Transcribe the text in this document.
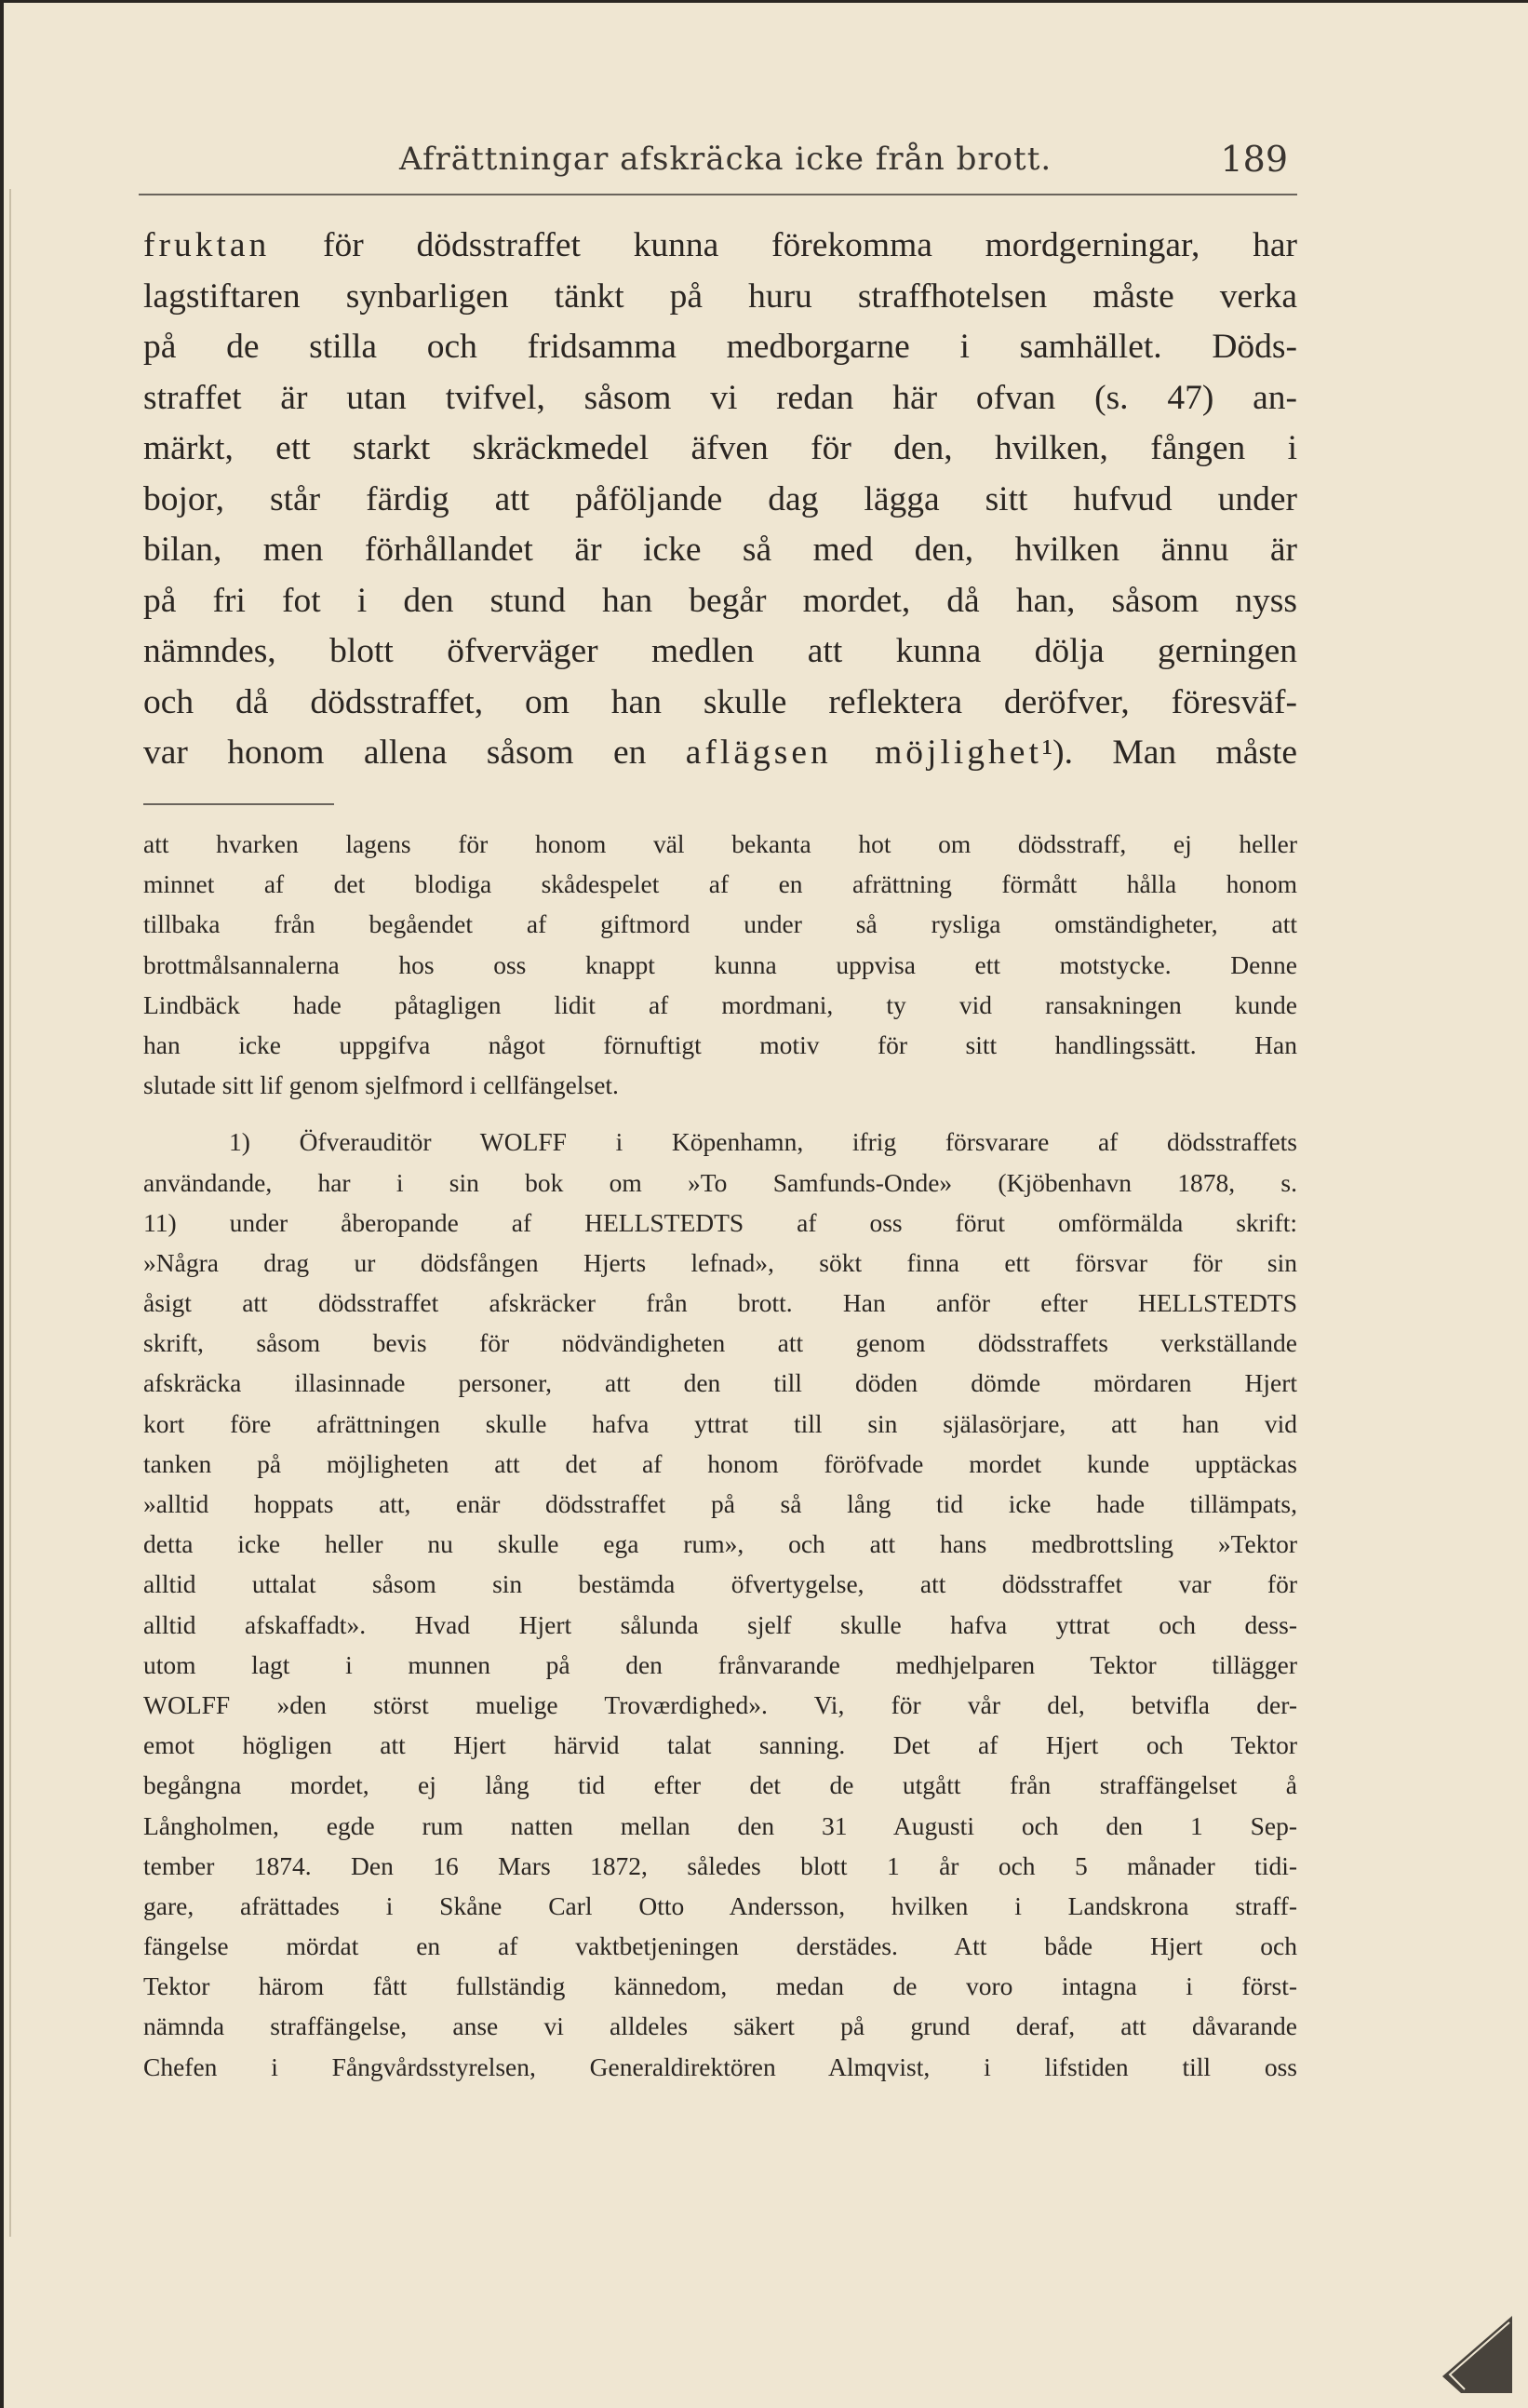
Afrättningar afskräcka icke från brott.	189
fruktan för dödsstraffet kunna förekomma mordgerningar, har
lagstiftaren synbarligen tänkt på huru straffhotelsen måste verka
på de stilla och fridsamma medborgarne i samhället. Döds-
straffet är utan tvifvel, såsom vi redan här ofvan (s. 47) an-
märkt, ett starkt skräckmedel äfven för den, hvilken, fången i
bojor, står färdig att påföljande dag lägga sitt hufvud under
bilan, men förhållandet är icke så med den, hvilken ännu är
på fri fot i den stund han begår mordet, då han, såsom nyss
nämndes, blott öfverväger medlen att kunna dölja gerningen
och då dödsstraffet, om han skulle reflektera deröfver, föresväf-
var honom allena såsom en aflägsen möjlighet¹). Man måste
att hvarken lagens för honom väl bekanta hot om dödsstraff, ej heller
minnet af det blodiga skådespelet af en afrättning förmått hålla honom
tillbaka från begåendet af giftmord under så rysliga omständigheter, att
brottmålsannalerna hos oss knappt kunna uppvisa ett motstycke. Denne
Lindbäck hade påtagligen lidit af mordmani, ty vid ransakningen kunde
han icke uppgifva något förnuftigt motiv för sitt handlingssätt. Han
slutade sitt lif genom sjelfmord i cellfängelset.
1) Öfverauditör WOLFF i Köpenhamn, ifrig försvarare af dödsstraffets
användande, har i sin bok om »To Samfunds-Onde» (Kjöbenhavn 1878, s.
11) under åberopande af HELLSTEDTS af oss förut omförmälda skrift:
»Några drag ur dödsfången Hjerts lefnad», sökt finna ett försvar för sin
åsigt att dödsstraffet afskräcker från brott. Han anför efter HELLSTEDTS
skrift, såsom bevis för nödvändigheten att genom dödsstraffets verkställande
afskräcka illasinnade personer, att den till döden dömde mördaren Hjert
kort före afrättningen skulle hafva yttrat till sin själasörjare, att han vid
tanken på möjligheten att det af honom föröfvade mordet kunde upptäckas
»alltid hoppats att, enär dödsstraffet på så lång tid icke hade tillämpats,
detta icke heller nu skulle ega rum», och att hans medbrottsling »Tektor
alltid uttalat såsom sin bestämda öfvertygelse, att dödsstraffet var för
alltid afskaffadt». Hvad Hjert sålunda sjelf skulle hafva yttrat och dess-
utom lagt i munnen på den frånvarande medhjelparen Tektor tillägger
WOLFF »den störst muelige Troværdighed». Vi, för vår del, betvifla der-
emot högligen att Hjert härvid talat sanning. Det af Hjert och Tektor
begångna mordet, ej lång tid efter det de utgått från straffängelset å
Långholmen, egde rum natten mellan den 31 Augusti och den 1 Sep-
tember 1874. Den 16 Mars 1872, således blott 1 år och 5 månader tidi-
gare, afrättades i Skåne Carl Otto Andersson, hvilken i Landskrona straff-
fängelse mördat en af vaktbetjeningen derstädes. Att både Hjert och
Tektor härom fått fullständig kännedom, medan de voro intagna i först-
nämnda straffängelse, anse vi alldeles säkert på grund deraf, att dåvarande
Chefen i Fångvårdsstyrelsen, Generaldirektören Almqvist, i lifstiden till oss
